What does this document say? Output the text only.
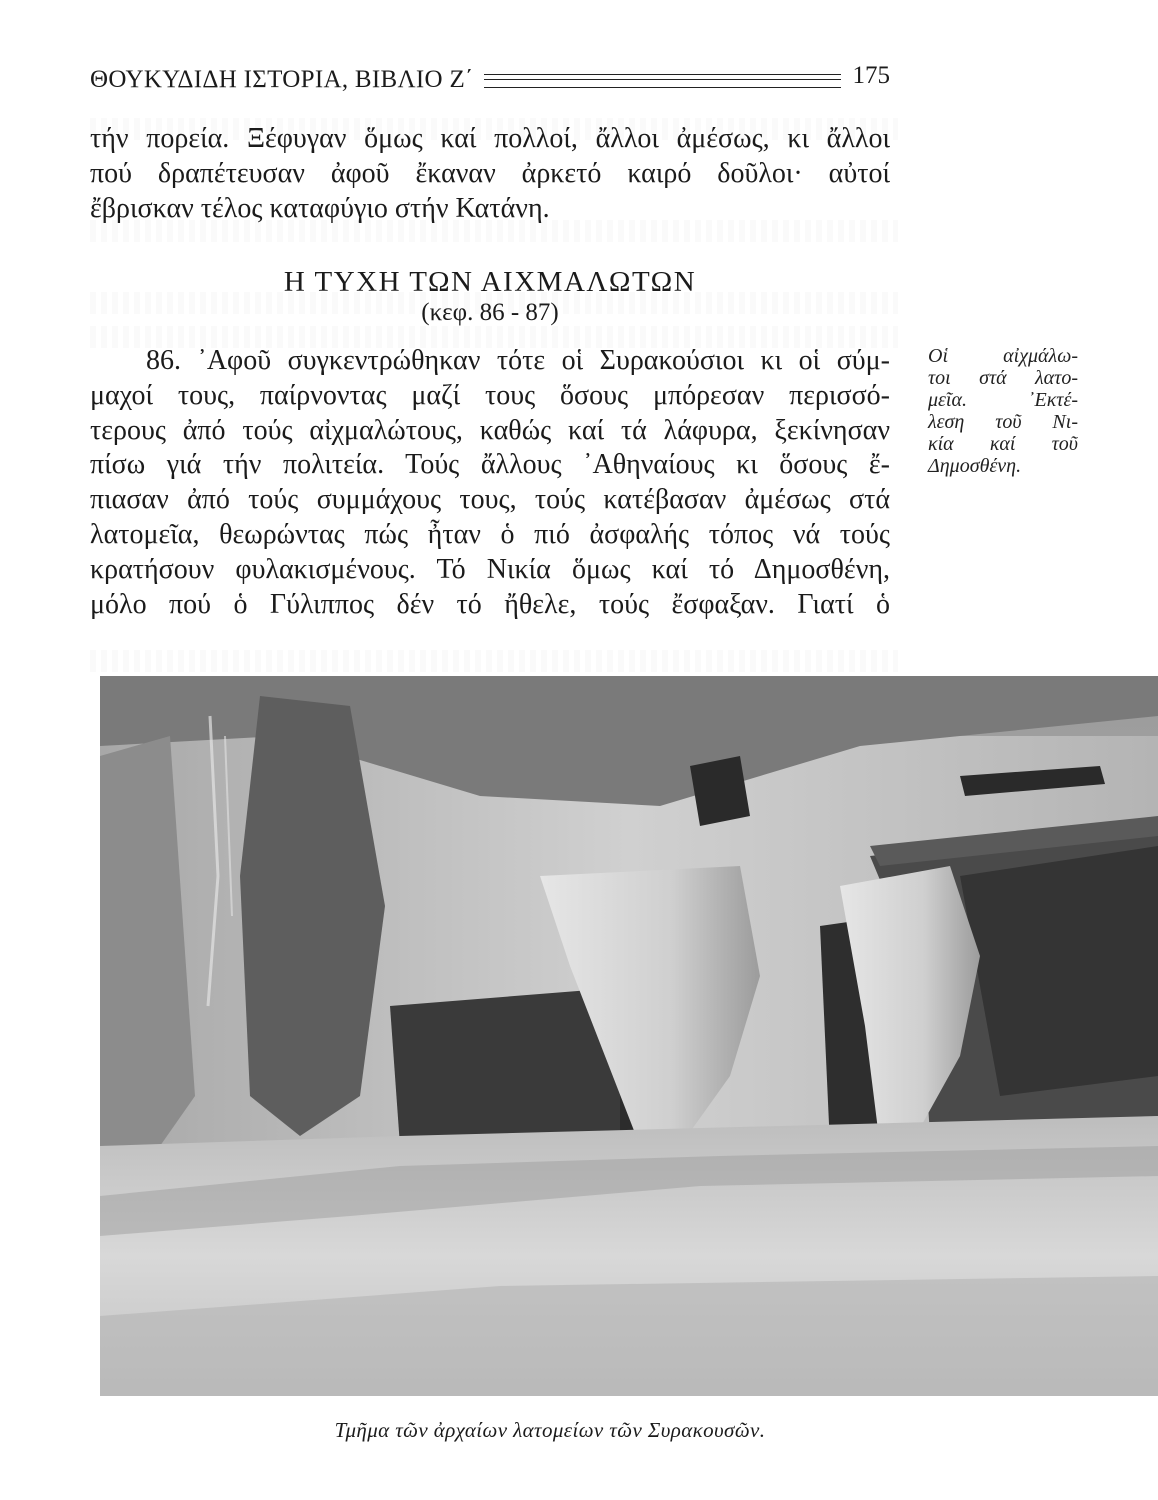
ΘΟΥΚΥΔΙΔΗ ΙΣΤΟΡΙΑ, ΒΙΒΛΙΟ Ζ΄	175
τήν πορεία. Ξέφυγαν ὅμως καί πολλοί, ἄλλοι ἀμέσως, κι ἄλλοι
πού δραπέτευσαν ἀφοῦ ἔκαναν ἀρκετό καιρό δοῦλοι· αὐτοί
ἔβρισκαν τέλος καταφύγιο στήν Κατάνη.
Η ΤΥΧΗ ΤΩΝ ΑΙΧΜΑΛΩΤΩΝ
(κεφ. 86 - 87)
86. ᾿Αφοῦ συγκεντρώθηκαν τότε οἱ Συρακούσιοι κι οἱ σύμ-
μαχοί τους, παίρνοντας μαζί τους ὅσους μπόρεσαν περισσό-
τερους ἀπό τούς αἰχμαλώτους, καθώς καί τά λάφυρα, ξεκίνησαν
πίσω γιά τήν πολιτεία. Τούς ἄλλους ᾿Αθηναίους κι ὅσους ἔ-
πιασαν ἀπό τούς συμμάχους τους, τούς κατέβασαν ἀμέσως στά
λατομεῖα, θεωρώντας πώς ἦταν ὁ πιό ἀσφαλής τόπος νά τούς
κρατήσουν φυλακισμένους. Τό Νικία ὅμως καί τό Δημοσθένη,
μόλο πού ὁ Γύλιππος δέν τό ἤθελε, τούς ἔσφαξαν. Γιατί ὁ
Οἱ αἰχμάλω-
τοι στά λατο-
μεῖα. ᾿Εκτέ-
λεση τοῦ Νι-
κία καί τοῦ
Δημοσθένη.
Τμῆμα τῶν ἀρχαίων λατομείων τῶν Συρακουσῶν.
